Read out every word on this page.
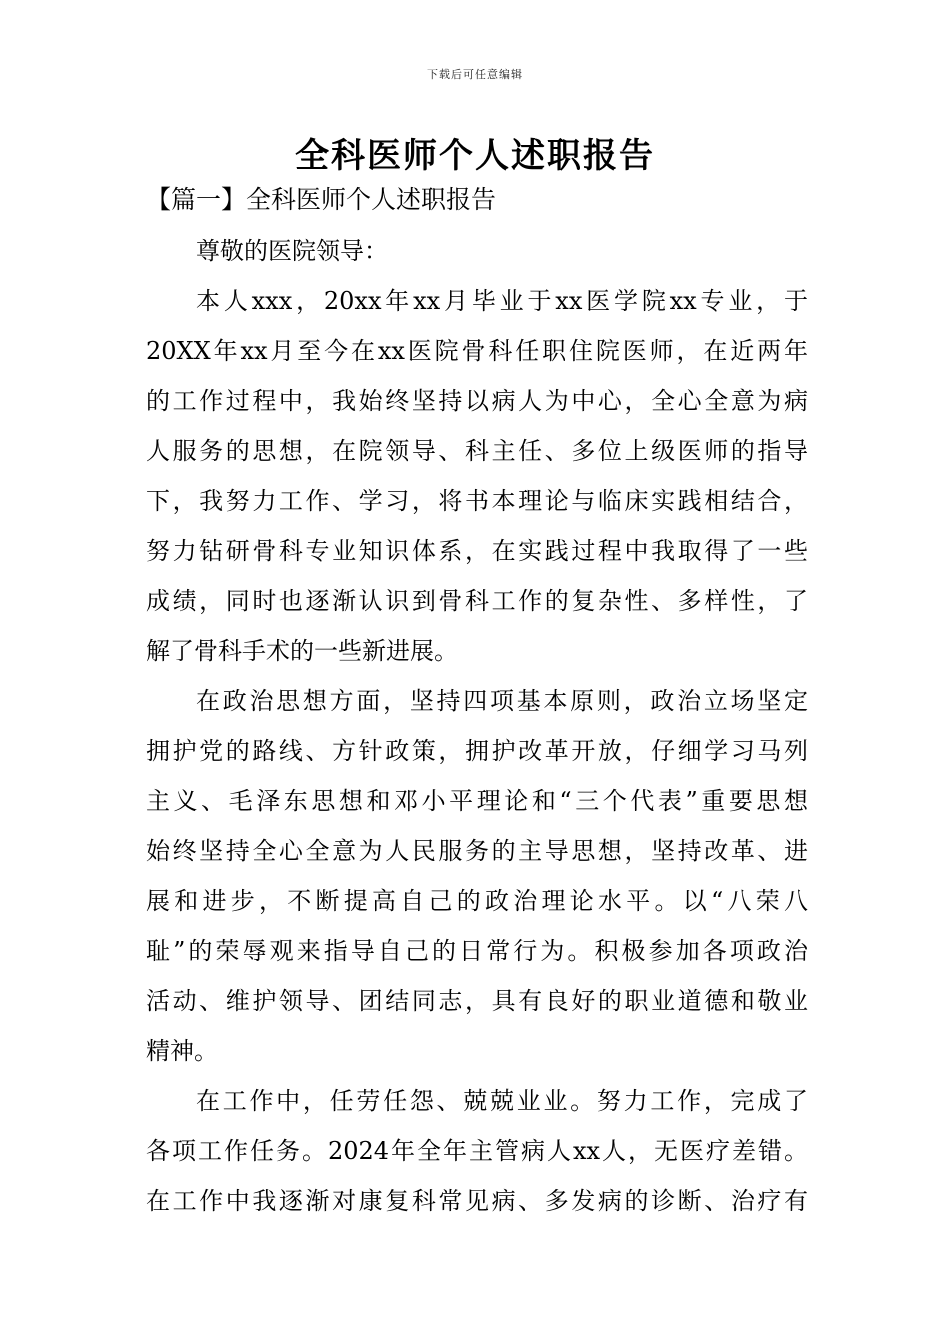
下载后可任意编辑
全科医师个人述职报告
【篇一】全科医师个人述职报告
尊敬的医院领导：
本人xxx，20xx年xx月毕业于xx医学院xx专业，于
20XX年xx月至今在xx医院骨科任职住院医师，在近两年
的工作过程中，我始终坚持以病人为中心，全心全意为病
人服务的思想，在院领导、科主任、多位上级医师的指导
下，我努力工作、学习，将书本理论与临床实践相结合，
努力钻研骨科专业知识体系，在实践过程中我取得了一些
成绩，同时也逐渐认识到骨科工作的复杂性、多样性，了
解了骨科手术的一些新进展。
在政治思想方面，坚持四项基本原则，政治立场坚定
拥护党的路线、方针政策，拥护改革开放，仔细学习马列
主义、毛泽东思想和邓小平理论和“三个代表”重要思想
始终坚持全心全意为人民服务的主导思想，坚持改革、进
展和进步，不断提高自己的政治理论水平。以“八荣八
耻”的荣辱观来指导自己的日常行为。积极参加各项政治
活动、维护领导、团结同志，具有良好的职业道德和敬业
精神。
在工作中，任劳任怨、兢兢业业。努力工作，完成了
各项工作任务。2024年全年主管病人xx人，无医疗差错。
在工作中我逐渐对康复科常见病、多发病的诊断、治疗有
